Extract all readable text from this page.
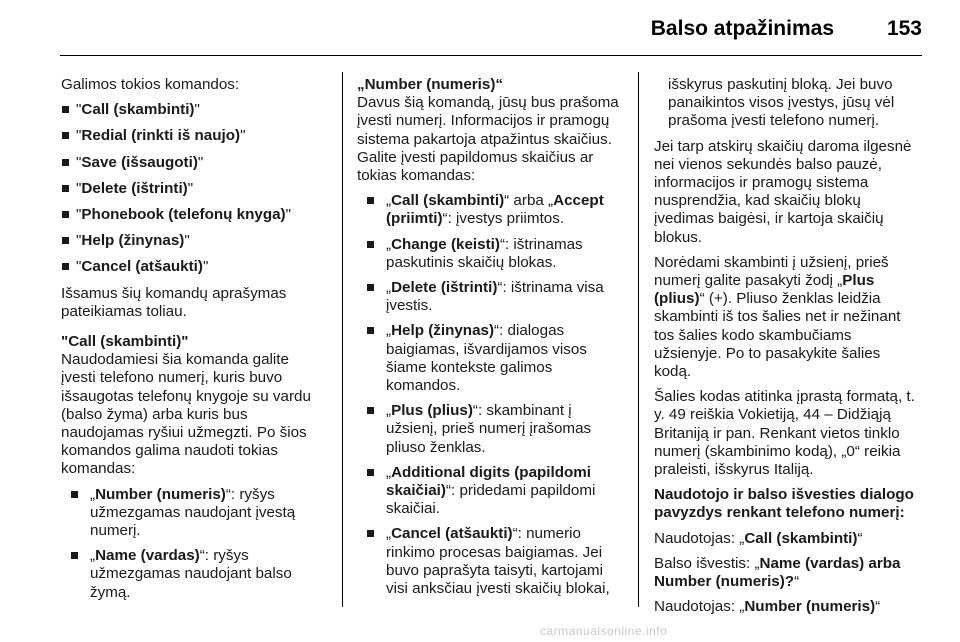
Balso atpažinimas	153

Galimos tokios komandos:

"Call (skambinti)"
"Redial (rinkti iš naujo)"
"Save (išsaugoti)"
"Delete (ištrinti)"
"Phonebook (telefonų knyga)"
"Help (žinynas)"
"Cancel (atšaukti)"

Išsamus šių komandų aprašymas pateikiamas toliau.

"Call (skambinti)"

Naudodamiesi šia komanda galite įvesti telefono numerį, kuris buvo išsaugotas telefonų knygoje su vardu (balso žyma) arba kuris bus naudojamas ryšiui užmegzti. Po šios komandos galima naudoti tokias komandas:

„Number (numeris)“: ryšys užmezgamas naudojant įvestą numerį.
„Name (vardas)“: ryšys užmezgamas naudojant balso žymą.

„Number (numeris)“

Davus šią komandą, jūsų bus prašoma įvesti numerį. Informacijos ir pramogų sistema pakartoja atpažintus skaičius. Galite įvesti papildomus skaičius ar tokias komandas:

„Call (skambinti)“ arba „Accept (priimti)“: įvestys priimtos.
„Change (keisti)“: ištrinamas paskutinis skaičių blokas.
„Delete (ištrinti)“: ištrinama visa įvestis.
„Help (žinynas)“: dialogas baigiamas, išvardijamos visos šiame kontekste galimos komandos.
„Plus (plius)“: skambinant į užsienį, prieš numerį įrašomas pliuso ženklas.
„Additional digits (papildomi skaičiai)“: pridedami papildomi skaičiai.
„Cancel (atšaukti)“: numerio rinkimo procesas baigiamas. Jei buvo paprašyta taisyti, kartojami visi anksčiau įvesti skaičių blokai,

išskyrus paskutinį bloką. Jei buvo panaikintos visos įvestys, jūsų vėl prašoma įvesti telefono numerį.

Jei tarp atskirų skaičių daroma ilgesnė nei vienos sekundės balso pauzė, informacijos ir pramogų sistema nusprendžia, kad skaičių blokų įvedimas baigėsi, ir kartoja skaičių blokus.

Norėdami skambinti į užsienį, prieš numerį galite pasakyti žodį „Plus (plius)“ (+). Pliuso ženklas leidžia skambinti iš tos šalies net ir nežinant tos šalies kodo skambučiams užsienyje. Po to pasakykite šalies kodą.

Šalies kodas atitinka įprastą formatą, t. y. 49 reiškia Vokietiją, 44 – Didžiąją Britaniją ir pan. Renkant vietos tinklo numerį (skambinimo kodą), „0“ reikia praleisti, išskyrus Italiją.

Naudotojo ir balso išvesties dialogo pavyzdys renkant telefono numerį:

Naudotojas: „Call (skambinti)“

Balso išvestis: „Name (vardas) arba Number (numeris)?“

Naudotojas: „Number (numeris)“

carmanualsonline.info
